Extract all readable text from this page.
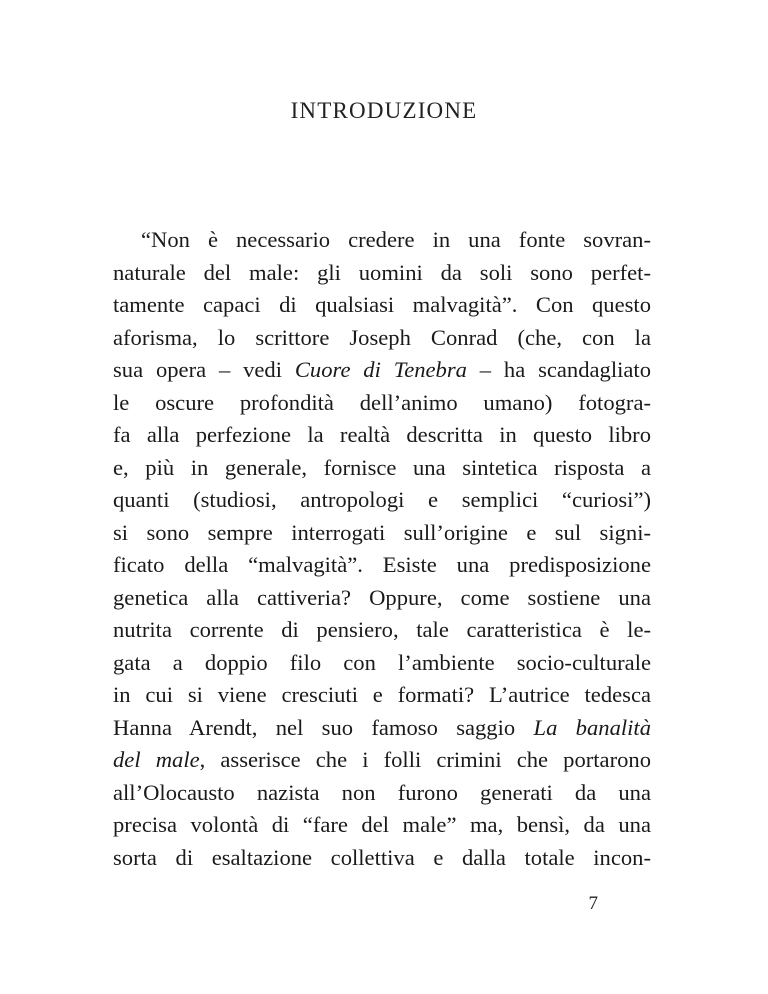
INTRODUZIONE
“Non è necessario credere in una fonte sovran-
naturale del male: gli uomini da soli sono perfet-
tamente capaci di qualsiasi malvagità”. Con questo
aforisma, lo scrittore Joseph Conrad (che, con la
sua opera – vedi Cuore di Tenebra – ha scandagliato
le oscure profondità dell’animo umano) fotogra-
fa alla perfezione la realtà descritta in questo libro
e, più in generale, fornisce una sintetica risposta a
quanti (studiosi, antropologi e semplici “curiosi”)
si sono sempre interrogati sull’origine e sul signi-
ficato della “malvagità”. Esiste una predisposizione
genetica alla cattiveria? Oppure, come sostiene una
nutrita corrente di pensiero, tale caratteristica è le-
gata a doppio filo con l’ambiente socio-culturale
in cui si viene cresciuti e formati? L’autrice tedesca
Hanna Arendt, nel suo famoso saggio La banalità
del male, asserisce che i folli crimini che portarono
all’Olocausto nazista non furono generati da una
precisa volontà di “fare del male” ma, bensì, da una
sorta di esaltazione collettiva e dalla totale incon-
7
